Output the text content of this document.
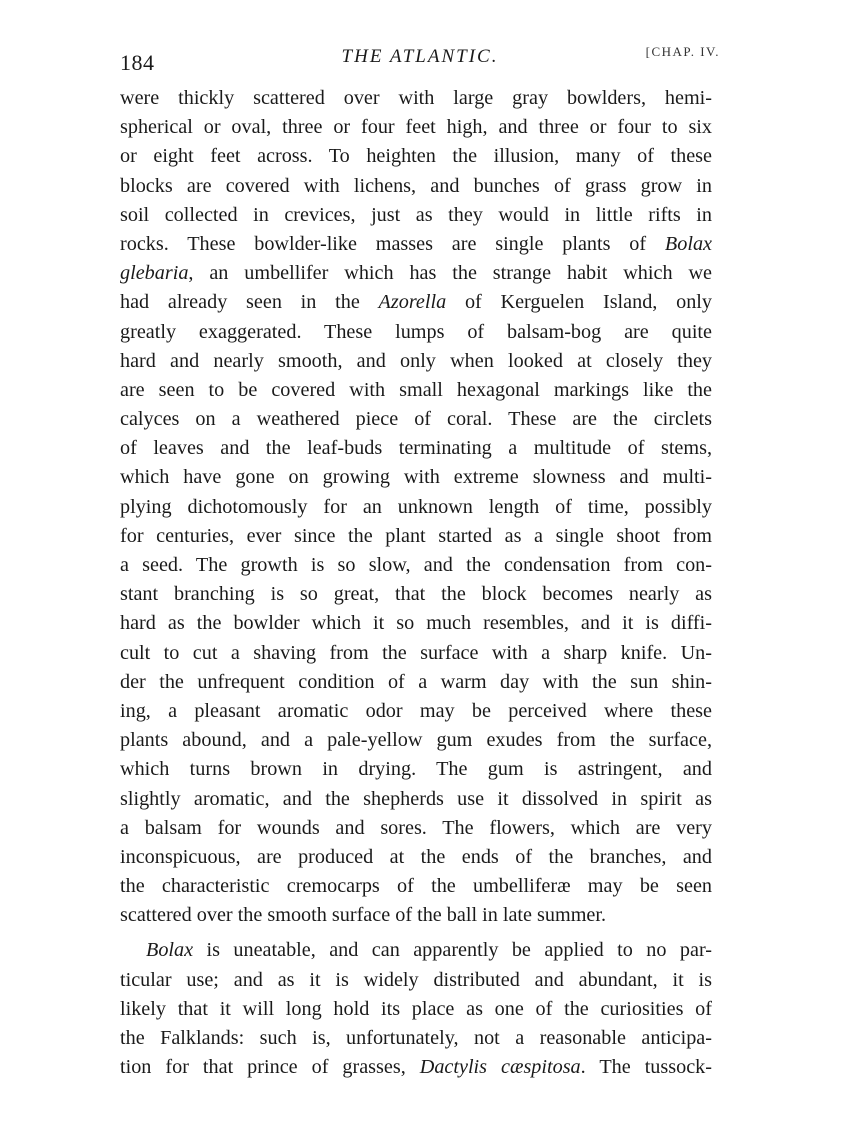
184	THE ATLANTIC.	[CHAP. IV.
were thickly scattered over with large gray bowlders, hemi-
spherical or oval, three or four feet high, and three or four to six
or eight feet across. To heighten the illusion, many of these
blocks are covered with lichens, and bunches of grass grow in
soil collected in crevices, just as they would in little rifts in
rocks. These bowlder-like masses are single plants of Bolax
glebaria, an umbellifer which has the strange habit which we
had already seen in the Azorella of Kerguelen Island, only
greatly exaggerated. These lumps of balsam-bog are quite
hard and nearly smooth, and only when looked at closely they
are seen to be covered with small hexagonal markings like the
calyces on a weathered piece of coral. These are the circlets
of leaves and the leaf-buds terminating a multitude of stems,
which have gone on growing with extreme slowness and multi-
plying dichotomously for an unknown length of time, possibly
for centuries, ever since the plant started as a single shoot from
a seed. The growth is so slow, and the condensation from con-
stant branching is so great, that the block becomes nearly as
hard as the bowlder which it so much resembles, and it is diffi-
cult to cut a shaving from the surface with a sharp knife. Un-
der the unfrequent condition of a warm day with the sun shin-
ing, a pleasant aromatic odor may be perceived where these
plants abound, and a pale-yellow gum exudes from the surface,
which turns brown in drying. The gum is astringent, and
slightly aromatic, and the shepherds use it dissolved in spirit as
a balsam for wounds and sores. The flowers, which are very
inconspicuous, are produced at the ends of the branches, and
the characteristic cremocarps of the umbelliferæ may be seen
scattered over the smooth surface of the ball in late summer.
Bolax is uneatable, and can apparently be applied to no par-
ticular use; and as it is widely distributed and abundant, it is
likely that it will long hold its place as one of the curiosities of
the Falklands: such is, unfortunately, not a reasonable anticipa-
tion for that prince of grasses, Dactylis cæspitosa. The tussock-
